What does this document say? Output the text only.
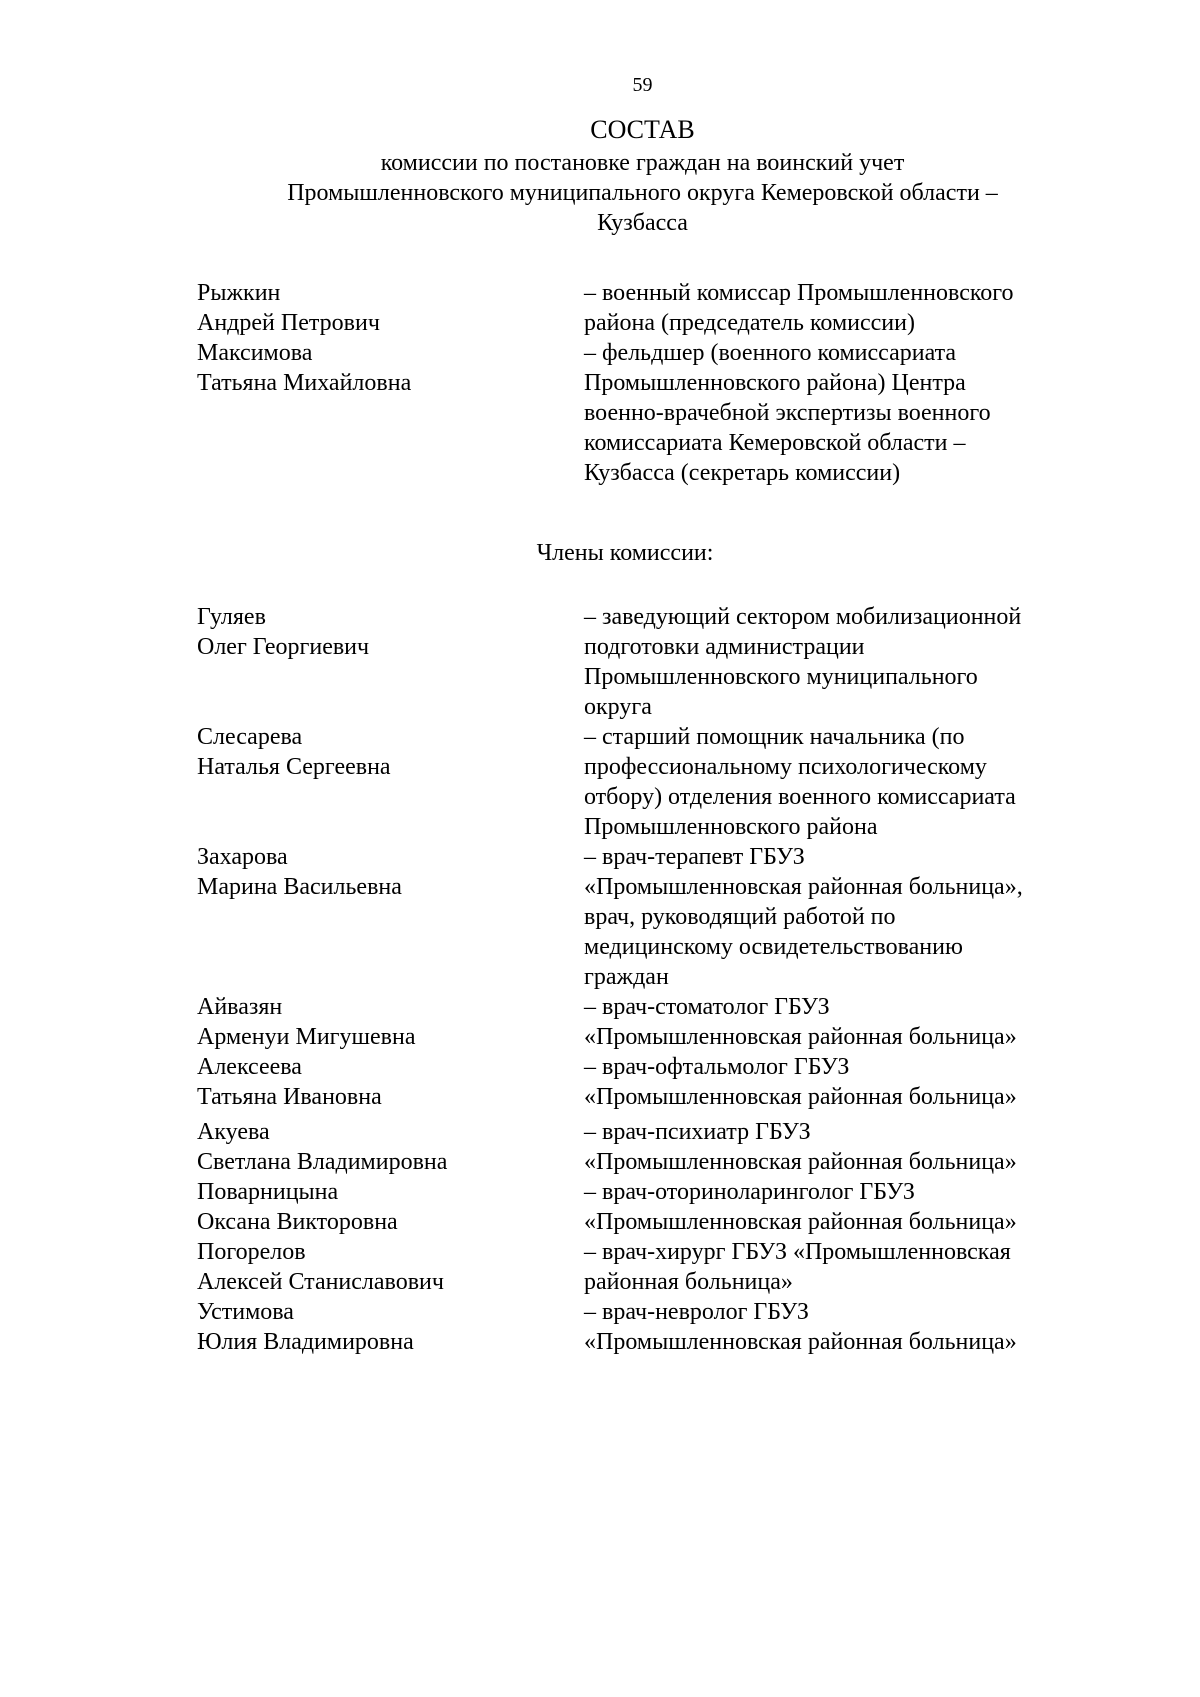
59
СОСТАВ
комиссии по постановке граждан на воинский учет
Промышленновского муниципального округа Кемеровской области –
Кузбасса
Рыжкин
Андрей Петрович
– военный комиссар Промышленновского
района (председатель комиссии)
Максимова
Татьяна Михайловна
– фельдшер (военного комиссариата
Промышленновского района) Центра
военно-врачебной экспертизы военного
комиссариата Кемеровской области –
Кузбасса (секретарь комиссии)
Члены комиссии:
Гуляев
Олег Георгиевич
– заведующий сектором мобилизационной
подготовки администрации
Промышленновского муниципального
округа
Слесарева
Наталья Сергеевна
– старший помощник начальника (по
профессиональному психологическому
отбору) отделения военного комиссариата
Промышленновского района
Захарова
Марина Васильевна
– врач-терапевт ГБУЗ
«Промышленновская районная больница»,
врач, руководящий работой по
медицинскому освидетельствованию
граждан
Айвазян
Арменуи Мигушевна
– врач-стоматолог ГБУЗ
«Промышленновская районная больница»
Алексеева
Татьяна Ивановна
– врач-офтальмолог ГБУЗ
«Промышленновская районная больница»
Акуева
Светлана Владимировна
– врач-психиатр ГБУЗ
«Промышленновская районная больница»
Поварницына
Оксана Викторовна
– врач-оториноларинголог ГБУЗ
«Промышленновская районная больница»
Погорелов
Алексей Станиславович
– врач-хирург ГБУЗ «Промышленновская
районная больница»
Устимова
Юлия Владимировна
– врач-невролог ГБУЗ
«Промышленновская районная больница»
